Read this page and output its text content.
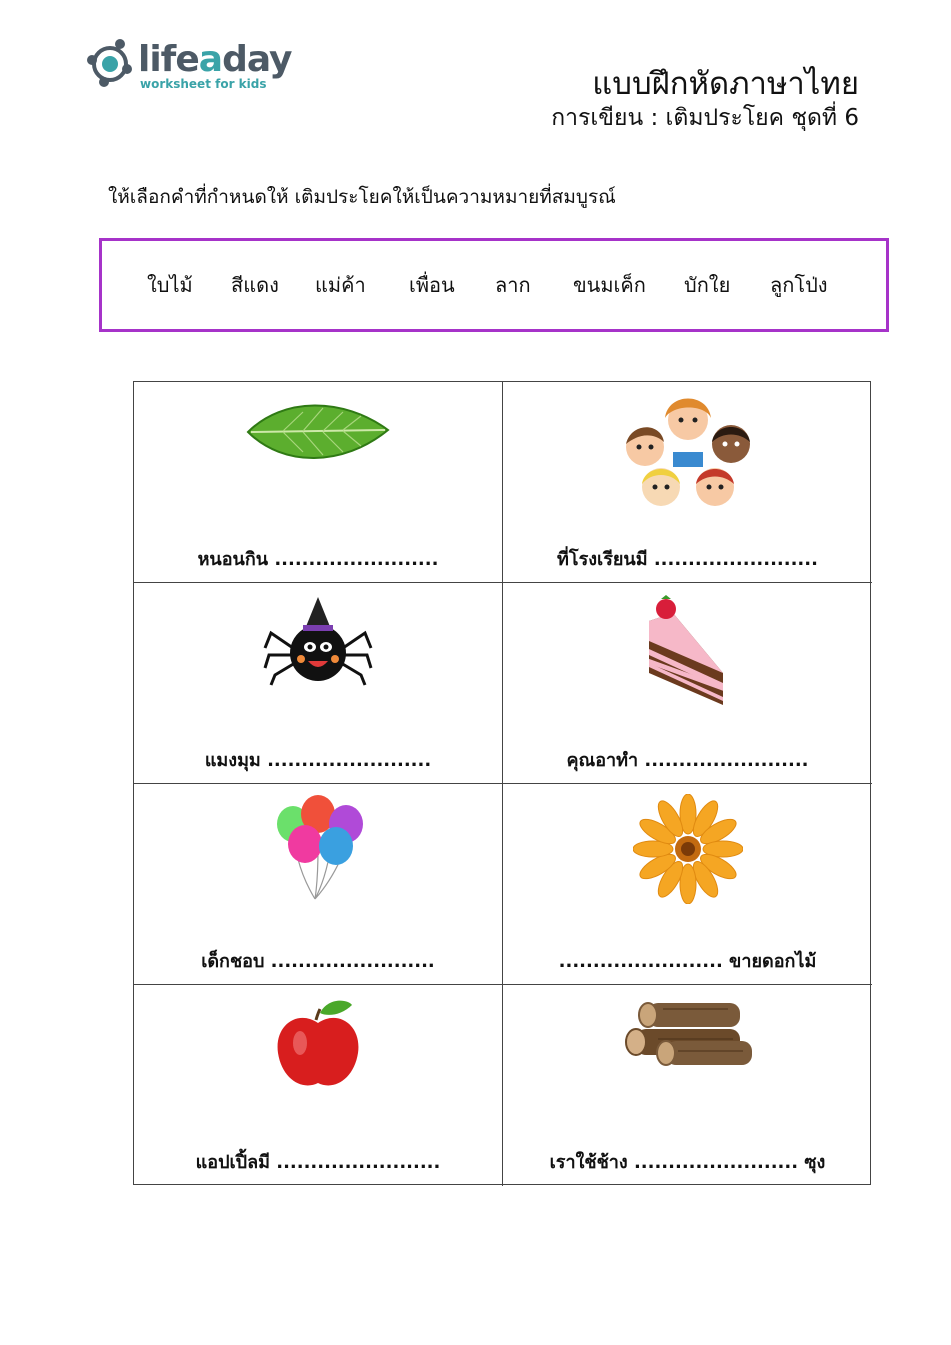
lifeaday
worksheet for kids	แบบฝึกหัดภาษาไทย
การเขียน : เติมประโยค ชุดที่ 6
ให้เลือกคำที่กำหนดให้ เติมประโยคให้เป็นความหมายที่สมบูรณ์
ใบไม้ สีแดง แม่ค้า เพื่อน ลาก ขนมเค็ก บักใย ลูกโป่ง
หนอนกิน ........................	ที่โรงเรียนมี ........................
แมงมุม ........................	คุณอาทำ ........................
เด็กชอบ ........................	........................ ขายดอกไม้
แอปเปิ้ลมี ........................	เราใช้ช้าง ........................ ซุง
